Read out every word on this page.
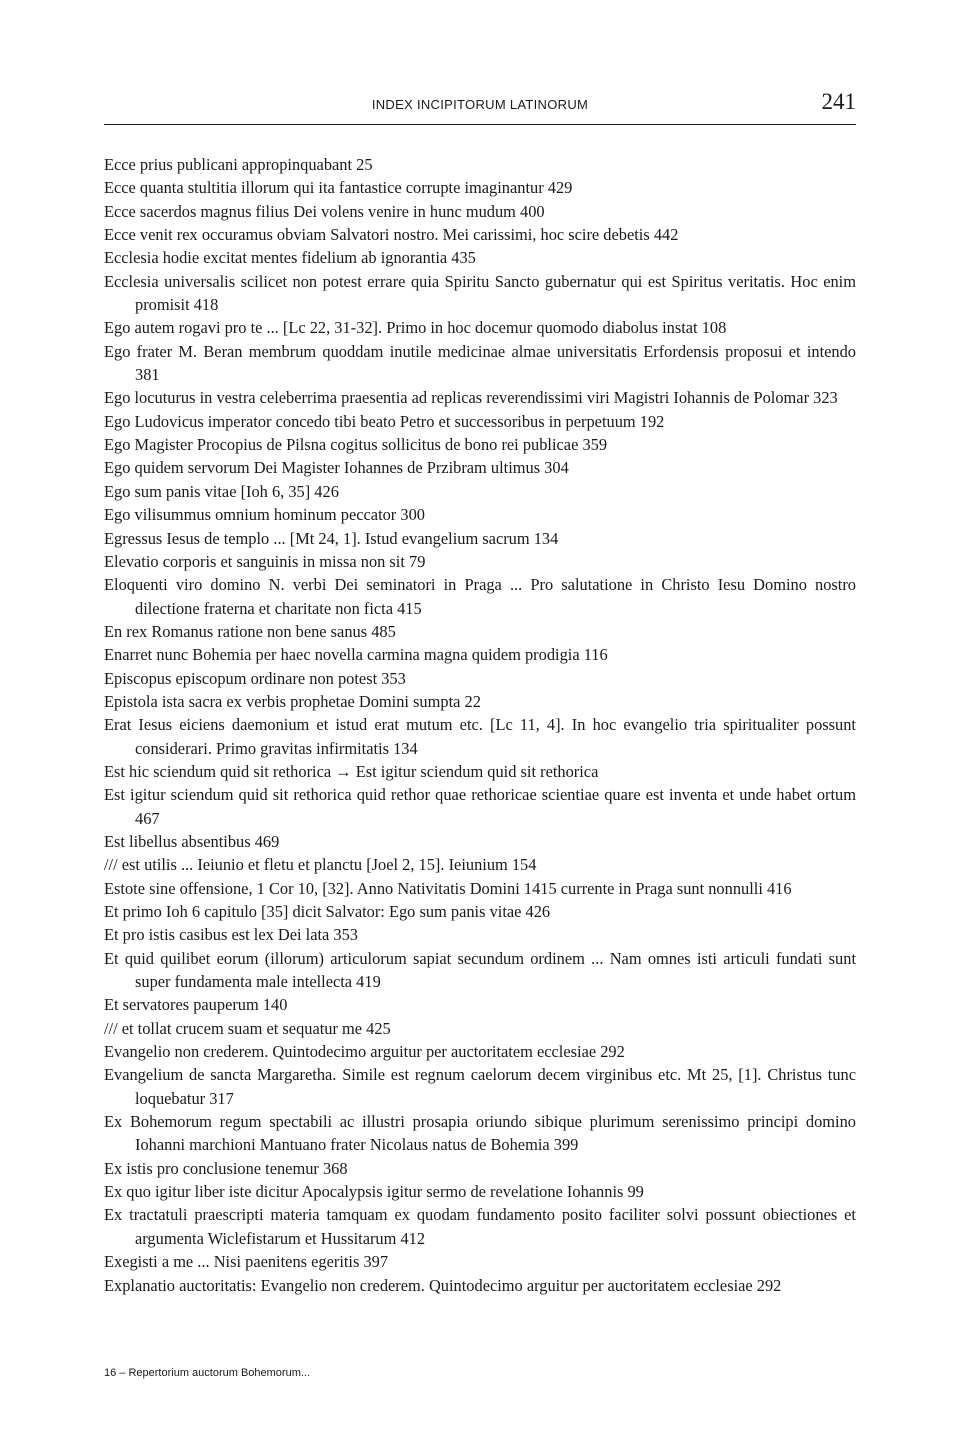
INDEX INCIPITORUM LATINORUM	241
Ecce prius publicani appropinquabant 25
Ecce quanta stultitia illorum qui ita fantastice corrupte imaginantur 429
Ecce sacerdos magnus filius Dei volens venire in hunc mudum 400
Ecce venit rex occuramus obviam Salvatori nostro. Mei carissimi, hoc scire debetis 442
Ecclesia hodie excitat mentes fidelium ab ignorantia 435
Ecclesia universalis scilicet non potest errare quia Spiritu Sancto gubernatur qui est Spiritus veritatis. Hoc enim promisit 418
Ego autem rogavi pro te ... [Lc 22, 31-32]. Primo in hoc docemur quomodo diabolus instat 108
Ego frater M. Beran membrum quoddam inutile medicinae almae universitatis Erfordensis proposui et intendo 381
Ego locuturus in vestra celeberrima praesentia ad replicas reverendissimi viri Magistri Iohannis de Polomar 323
Ego Ludovicus imperator concedo tibi beato Petro et successoribus in perpetuum 192
Ego Magister Procopius de Pilsna cogitus sollicitus de bono rei publicae 359
Ego quidem servorum Dei Magister Iohannes de Przibram ultimus 304
Ego sum panis vitae [Ioh 6, 35] 426
Ego vilisummus omnium hominum peccator 300
Egressus Iesus de templo ... [Mt 24, 1]. Istud evangelium sacrum 134
Elevatio corporis et sanguinis in missa non sit 79
Eloquenti viro domino N. verbi Dei seminatori in Praga ... Pro salutatione in Christo Iesu Domino nostro dilectione fraterna et charitate non ficta 415
En rex Romanus ratione non bene sanus 485
Enarret nunc Bohemia per haec novella carmina magna quidem prodigia 116
Episcopus episcopum ordinare non potest 353
Epistola ista sacra ex verbis prophetae Domini sumpta 22
Erat Iesus eiciens daemonium et istud erat mutum etc. [Lc 11, 4]. In hoc evangelio tria spiritualiter possunt considerari. Primo gravitas infirmitatis 134
Est hic sciendum quid sit rethorica → Est igitur sciendum quid sit rethorica
Est igitur sciendum quid sit rethorica quid rethor quae rethoricae scientiae quare est inventa et unde habet ortum 467
Est libellus absentibus 469
/// est utilis ... Ieiunio et fletu et planctu [Joel 2, 15]. Ieiunium 154
Estote sine offensione, 1 Cor 10, [32]. Anno Nativitatis Domini 1415 currente in Praga sunt nonnulli 416
Et primo Ioh 6 capitulo [35] dicit Salvator: Ego sum panis vitae 426
Et pro istis casibus est lex Dei lata 353
Et quid quilibet eorum (illorum) articulorum sapiat secundum ordinem ... Nam omnes isti articuli fundati sunt super fundamenta male intellecta 419
Et servatores pauperum 140
/// et tollat crucem suam et sequatur me 425
Evangelio non crederem. Quintodecimo arguitur per auctoritatem ecclesiae 292
Evangelium de sancta Margaretha. Simile est regnum caelorum decem virginibus etc. Mt 25, [1]. Christus tunc loquebatur 317
Ex Bohemorum regum spectabili ac illustri prosapia oriundo sibique plurimum serenissimo principi domino Iohanni marchioni Mantuano frater Nicolaus natus de Bohemia 399
Ex istis pro conclusione tenemur 368
Ex quo igitur liber iste dicitur Apocalypsis igitur sermo de revelatione Iohannis 99
Ex tractatuli praescripti materia tamquam ex quodam fundamento posito faciliter solvi possunt obiectiones et argumenta Wiclefistarum et Hussitarum 412
Exegisti a me ... Nisi paenitens egeritis 397
Explanatio auctoritatis: Evangelio non crederem. Quintodecimo arguitur per auctoritatem ecclesiae 292
16 – Repertorium auctorum Bohemorum...
